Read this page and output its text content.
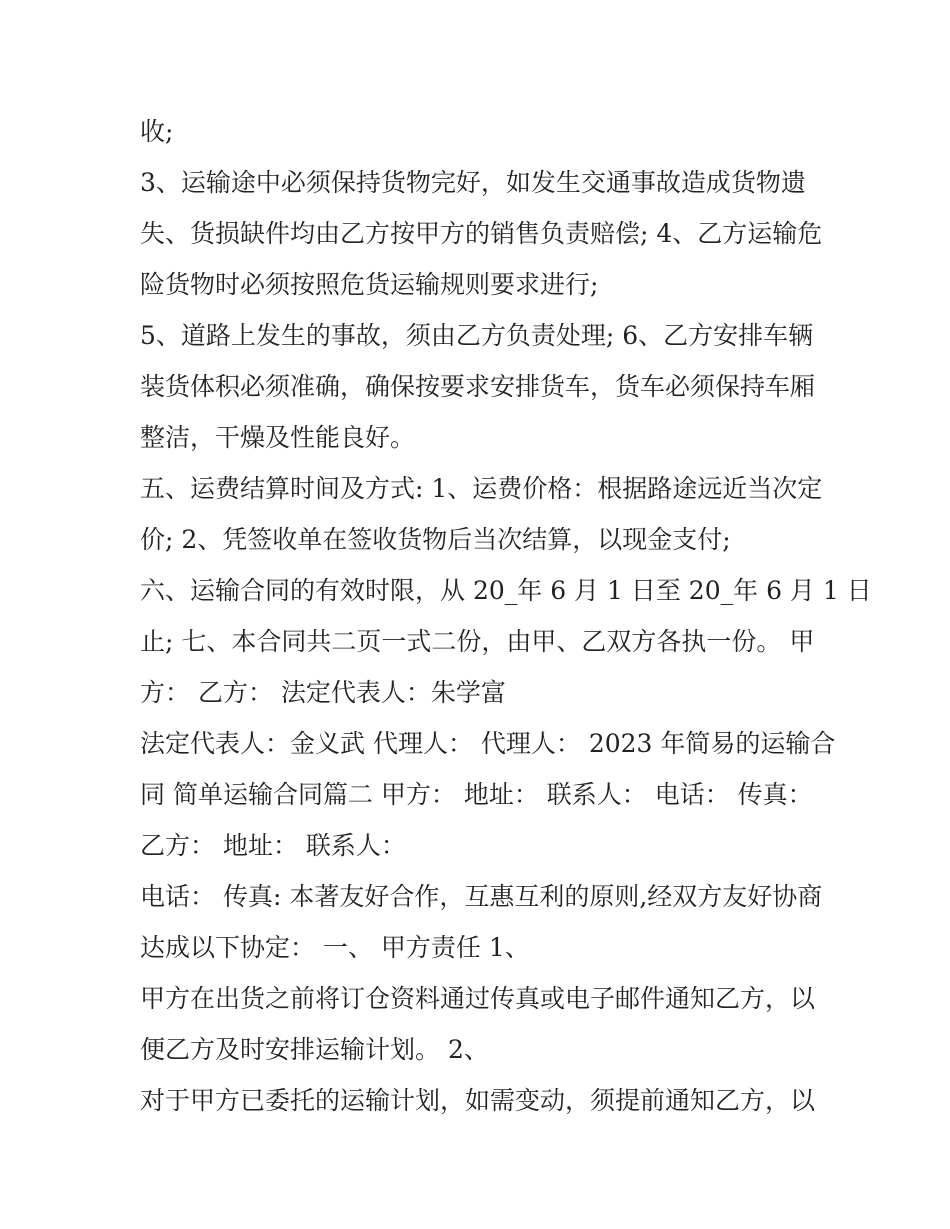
收;
3、运输途中必须保持货物完好，如发生交通事故造成货物遗
失、货损缺件均由乙方按甲方的销售负责赔偿; 4、乙方运输危
险货物时必须按照危货运输规则要求进行;
5、道路上发生的事故，须由乙方负责处理; 6、乙方安排车辆
装货体积必须准确，确保按要求安排货车，货车必须保持车厢
整洁，干燥及性能良好。
五、运费结算时间及方式: 1、运费价格：根据路途远近当次定
价; 2、凭签收单在签收货物后当次结算，以现金支付;
六、运输合同的有效时限，从 20_年 6 月 1 日至 20_年 6 月 1 日
止; 七、本合同共二页一式二份，由甲、乙双方各执一份。 甲
方： 乙方： 法定代表人：朱学富
法定代表人：金义武 代理人： 代理人： 2023 年简易的运输合
同 简单运输合同篇二 甲方： 地址： 联系人： 电话： 传真：
乙方： 地址： 联系人：
电话： 传真: 本著友好合作，互惠互利的原则,经双方友好协商
达成以下协定： 一、 甲方责任 1、
甲方在出货之前将订仓资料通过传真或电子邮件通知乙方，以
便乙方及时安排运输计划。 2、
对于甲方已委托的运输计划，如需变动，须提前通知乙方，以
